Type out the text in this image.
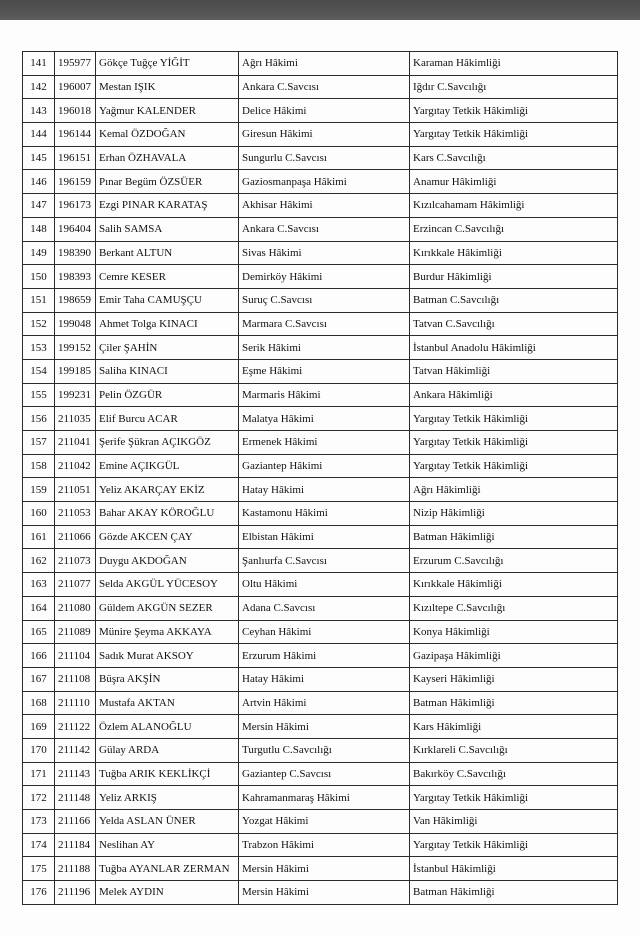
141	195977	Gökçe Tuğçe YİĞİT	Ağrı Hâkimi	Karaman Hâkimliği
142	196007	Mestan IŞIK	Ankara C.Savcısı	Iğdır C.Savcılığı
143	196018	Yağmur KALENDER	Delice Hâkimi	Yargıtay Tetkik Hâkimliği
144	196144	Kemal ÖZDOĞAN	Giresun Hâkimi	Yargıtay Tetkik Hâkimliği
145	196151	Erhan ÖZHAVALA	Sungurlu C.Savcısı	Kars C.Savcılığı
146	196159	Pınar Begüm ÖZSÜER	Gaziosmanpaşa Hâkimi	Anamur Hâkimliği
147	196173	Ezgi PINAR KARATAŞ	Akhisar Hâkimi	Kızılcahamam Hâkimliği
148	196404	Salih SAMSA	Ankara C.Savcısı	Erzincan C.Savcılığı
149	198390	Berkant ALTUN	Sivas Hâkimi	Kırıkkale Hâkimliği
150	198393	Cemre KESER	Demirköy Hâkimi	Burdur Hâkimliği
151	198659	Emir Taha CAMUŞÇU	Suruç C.Savcısı	Batman C.Savcılığı
152	199048	Ahmet Tolga KINACI	Marmara C.Savcısı	Tatvan C.Savcılığı
153	199152	Çiler ŞAHİN	Serik Hâkimi	İstanbul Anadolu Hâkimliği
154	199185	Saliha KINACI	Eşme Hâkimi	Tatvan Hâkimliği
155	199231	Pelin ÖZGÜR	Marmaris Hâkimi	Ankara Hâkimliği
156	211035	Elif Burcu ACAR	Malatya Hâkimi	Yargıtay Tetkik Hâkimliği
157	211041	Şerife Şükran AÇIKGÖZ	Ermenek Hâkimi	Yargıtay Tetkik Hâkimliği
158	211042	Emine AÇIKGÜL	Gaziantep Hâkimi	Yargıtay Tetkik Hâkimliği
159	211051	Yeliz AKARÇAY EKİZ	Hatay Hâkimi	Ağrı Hâkimliği
160	211053	Bahar AKAY KÖROĞLU	Kastamonu Hâkimi	Nizip Hâkimliği
161	211066	Gözde AKCEN ÇAY	Elbistan Hâkimi	Batman Hâkimliği
162	211073	Duygu AKDOĞAN	Şanlıurfa C.Savcısı	Erzurum C.Savcılığı
163	211077	Selda AKGÜL YÜCESOY	Oltu Hâkimi	Kırıkkale Hâkimliği
164	211080	Güldem AKGÜN SEZER	Adana C.Savcısı	Kızıltepe C.Savcılığı
165	211089	Münire Şeyma AKKAYA	Ceyhan Hâkimi	Konya Hâkimliği
166	211104	Sadık Murat AKSOY	Erzurum Hâkimi	Gazipaşa Hâkimliği
167	211108	Büşra AKŞİN	Hatay Hâkimi	Kayseri Hâkimliği
168	211110	Mustafa AKTAN	Artvin Hâkimi	Batman Hâkimliği
169	211122	Özlem ALANOĞLU	Mersin Hâkimi	Kars Hâkimliği
170	211142	Gülay ARDA	Turgutlu C.Savcılığı	Kırklareli C.Savcılığı
171	211143	Tuğba ARIK KEKLİKÇİ	Gaziantep C.Savcısı	Bakırköy C.Savcılığı
172	211148	Yeliz ARKIŞ	Kahramanmaraş Hâkimi	Yargıtay Tetkik Hâkimliği
173	211166	Yelda ASLAN ÜNER	Yozgat Hâkimi	Van Hâkimliği
174	211184	Neslihan AY	Trabzon Hâkimi	Yargıtay Tetkik Hâkimliği
175	211188	Tuğba AYANLAR ZERMAN	Mersin Hâkimi	İstanbul Hâkimliği
176	211196	Melek AYDIN	Mersin Hâkimi	Batman Hâkimliği
